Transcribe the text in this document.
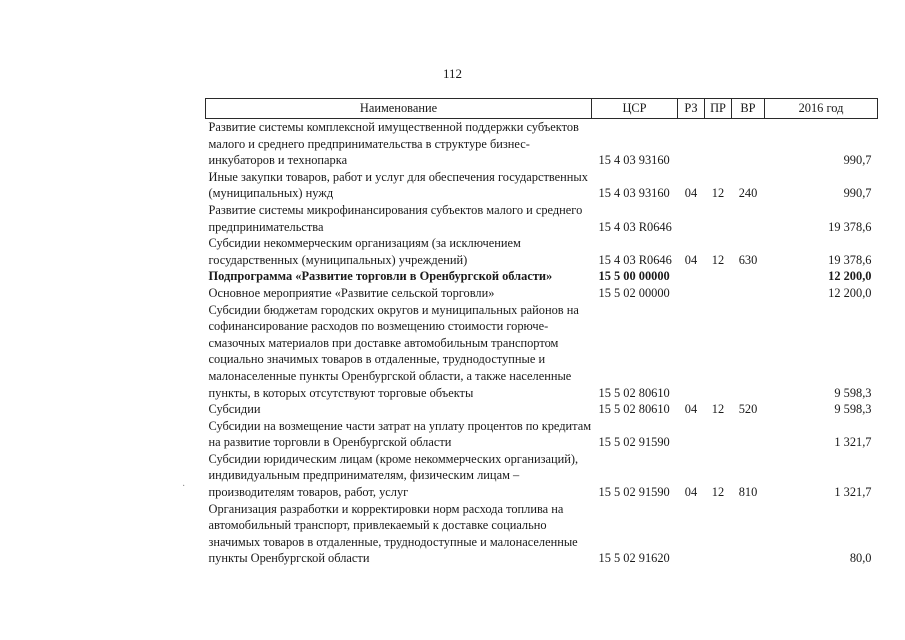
112
Наименование	ЦСР	РЗ	ПР	ВР	2016 год
Развитие системы комплексной имущественной поддержки субъектов малого и среднего предпринимательства в структуре бизнес-инкубаторов и технопарка	15 4 03 93160				990,7
Иные закупки товаров, работ и услуг для обеспечения государственных (муниципальных) нужд	15 4 03 93160	04	12	240	990,7
Развитие системы микрофинансирования субъектов малого и среднего предпринимательства	15 4 03 R0646				19 378,6
Субсидии некоммерческим организациям (за исключением государственных (муниципальных) учреждений)	15 4 03 R0646	04	12	630	19 378,6
Подпрограмма «Развитие торговли в Оренбургской области»	15 5 00 00000				12 200,0
Основное мероприятие «Развитие сельской торговли»	15 5 02 00000				12 200,0
Субсидии бюджетам городских округов и муниципальных районов на софинансирование расходов по возмещению стоимости горюче-смазочных материалов при доставке автомобильным транспортом социально значимых товаров в отдаленные, труднодоступные и малонаселенные пункты Оренбургской области, а также населенные пункты, в которых отсутствуют торговые объекты	15 5 02 80610				9 598,3
Субсидии	15 5 02 80610	04	12	520	9 598,3
Субсидии на возмещение части затрат на уплату процентов по кредитам на развитие торговли в Оренбургской области	15 5 02 91590				1 321,7
Субсидии юридическим лицам (кроме некоммерческих организаций), индивидуальным предпринимателям, физическим лицам – производителям товаров, работ, услуг	15 5 02 91590	04	12	810	1 321,7
Организация разработки и корректировки норм расхода топлива на автомобильный транспорт, привлекаемый к доставке социально значимых товаров в отдаленные, труднодоступные и малонаселенные пункты Оренбургской области	15 5 02 91620				80,0
·
